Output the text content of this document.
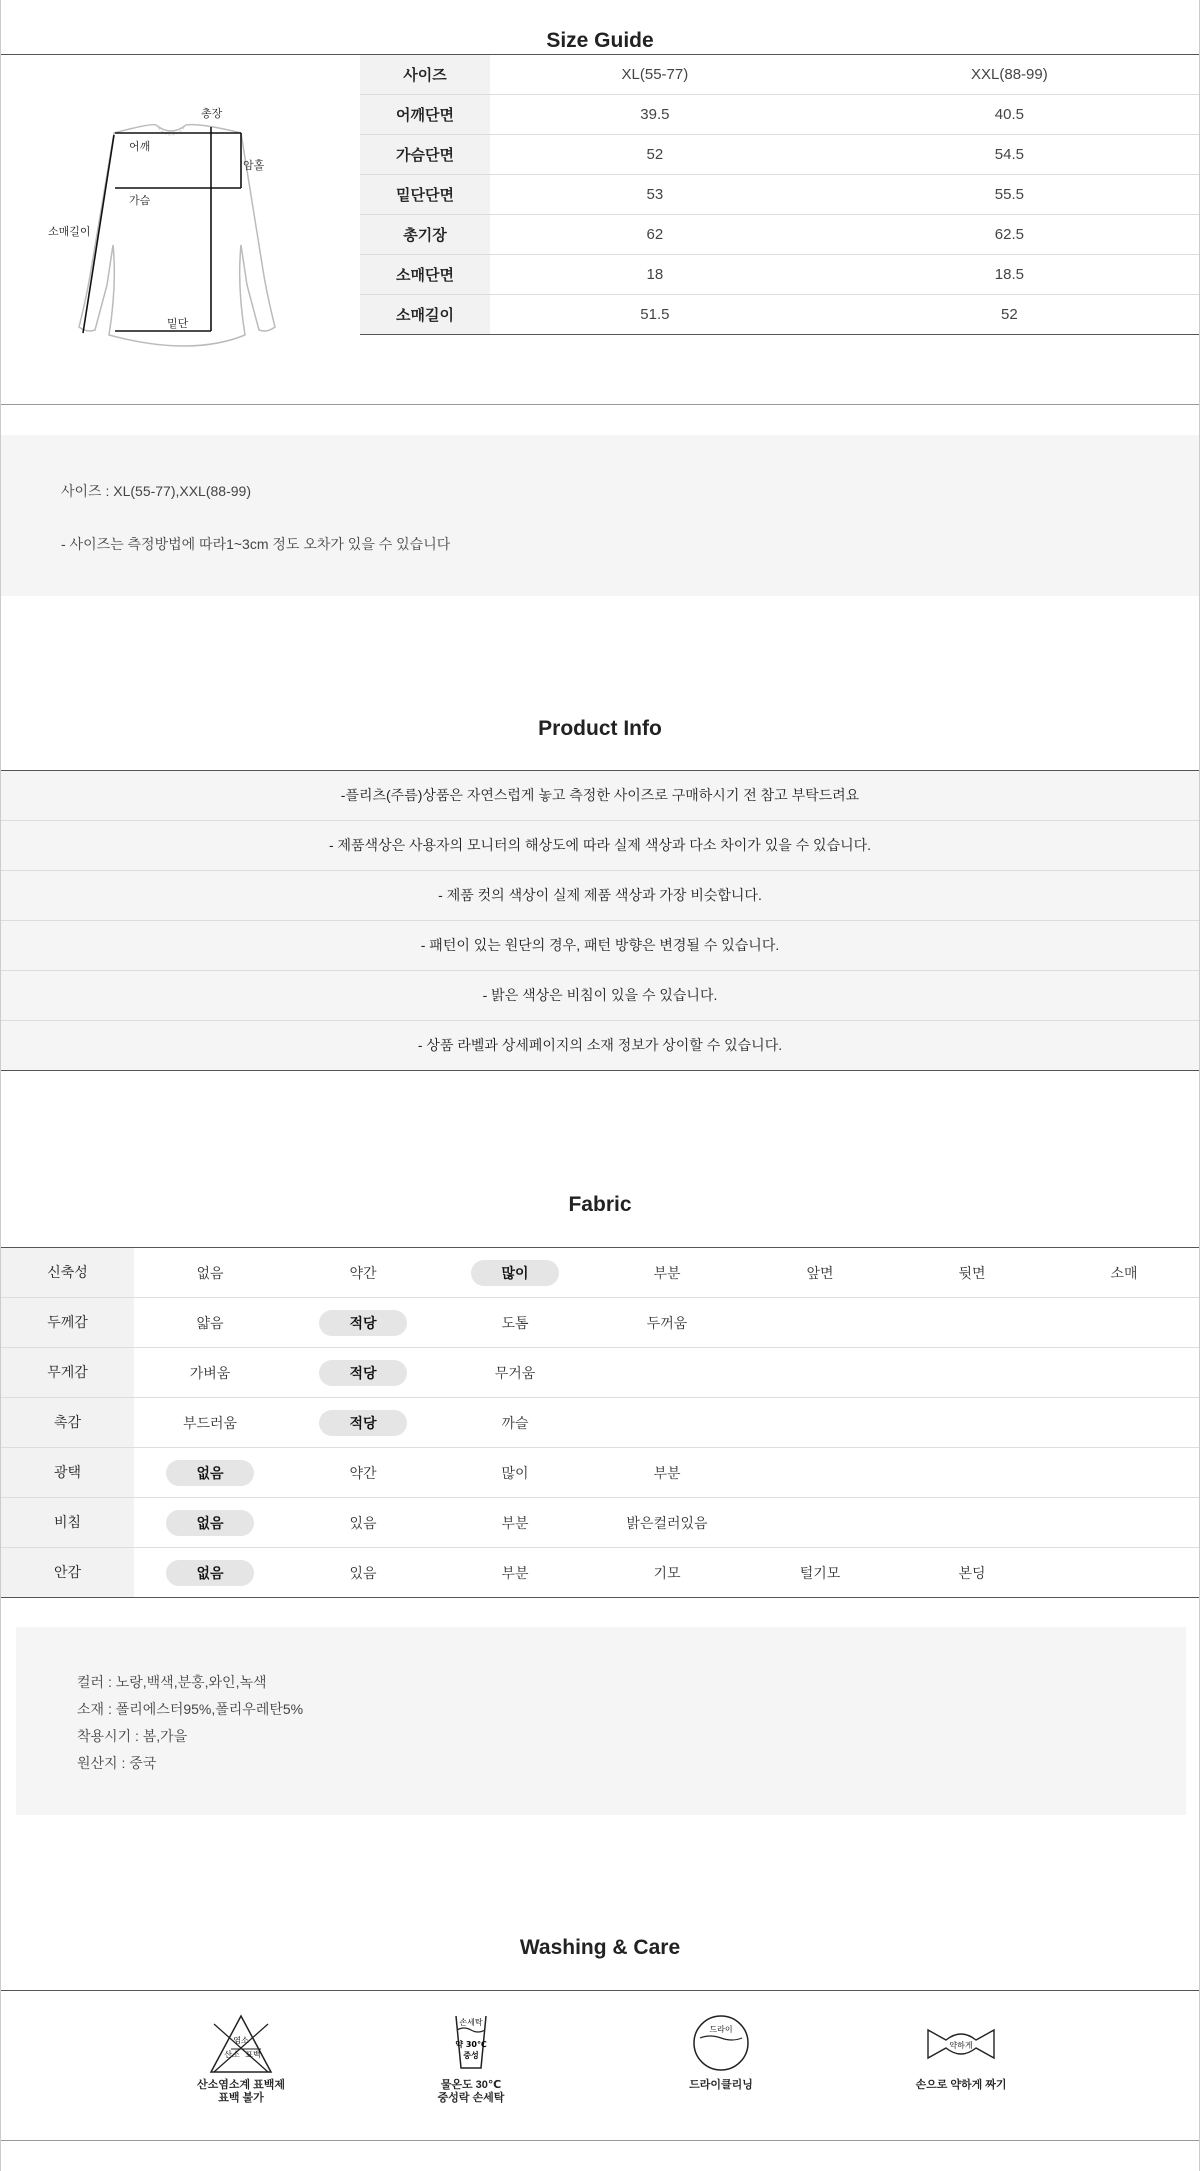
Size Guide
총장
어깨
암홀
가슴
소매길이
밑단
사이즈	XL(55-77)	XXL(88-99)
어깨단면	39.5	40.5
가슴단면	52	54.5
밑단단면	53	55.5
총기장	62	62.5
소매단면	18	18.5
소매길이	51.5	52
사이즈 : XL(55-77),XXL(88-99)
- 사이즈는 측정방법에 따라1~3cm 정도 오차가 있을 수 있습니다
Product Info
-플리츠(주름)상품은 자연스럽게 놓고 측정한 사이즈로 구매하시기 전 참고 부탁드려요
- 제품색상은 사용자의 모니터의 해상도에 따라 실제 색상과 다소 차이가 있을 수 있습니다.
- 제품 컷의 색상이 실제 제품 색상과 가장 비슷합니다.
- 패턴이 있는 원단의 경우, 패턴 방향은 변경될 수 있습니다.
- 밝은 색상은 비침이 있을 수 있습니다.
- 상품 라벨과 상세페이지의 소재 정보가 상이할 수 있습니다.
Fabric
신축성	없음	약간	많이	부분	앞면	뒷면	소매
두께감	얇음	적당	도톰	두꺼움
무게감	가벼움	적당	무거움
촉감	부드러움	적당	까슬
광택	없음	약간	많이	부분
비침	없음	있음	부분	밝은컬러있음
안감	없음	있음	부분	기모	털기모	본딩
컬러 : 노랑,백색,분홍,와인,녹색
소재 : 폴리에스터95%,폴리우레탄5%
착용시기 : 봄,가을
원산지 : 중국
Washing & Care
염소
산소 표백
산소염소계 표백제
표백 불가
손세탁
약 30℃
중성
물온도 30℃
중성락 손세탁
드라이
드라이클리닝
약하게
손으로 약하게 짜기
